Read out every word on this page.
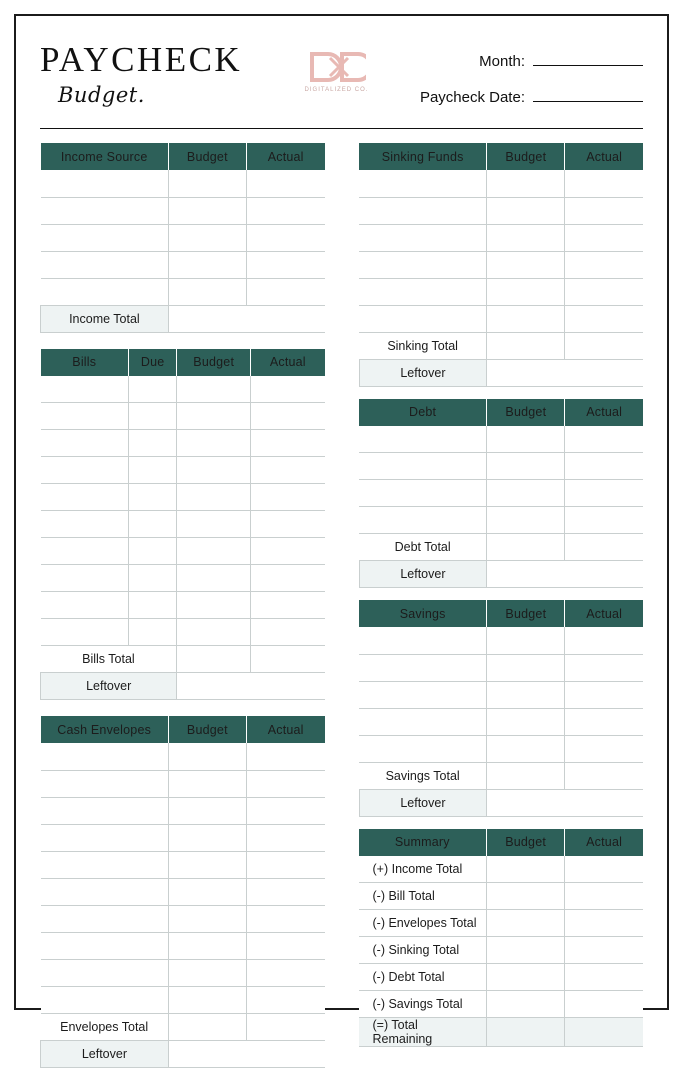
PAYCHECK
Budget.	DIGITALIZED CO.
Month:
Paycheck Date:
Income Source	Budget	Actual

Income Total		
Bills	Due	Budget	Actual

Bills Total			
Leftover			
Cash Envelopes	Budget	Actual

Envelopes Total		
Leftover		
Sinking Funds	Budget	Actual

Sinking Total		
Leftover		
Debt	Budget	Actual

Debt Total		
Leftover		
Savings	Budget	Actual

Savings Total		
Leftover		
Summary	Budget	Actual
(+) Income Total		
(-) Bill Total		
(-) Envelopes Total		
(-) Sinking Total		
(-) Debt Total		
(-) Savings Total		
(=) Total Remaining		
